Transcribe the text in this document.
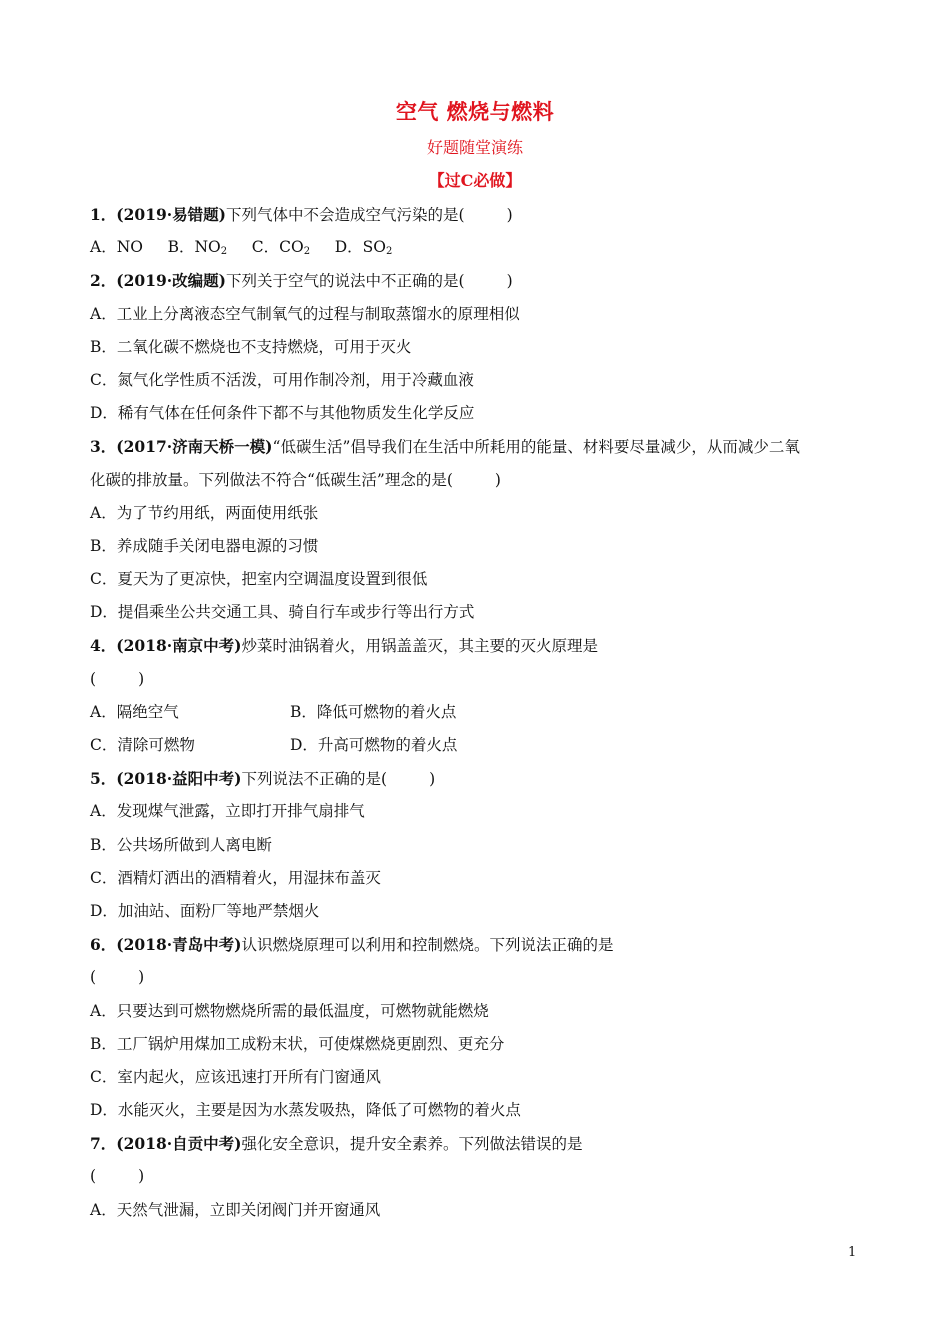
空气 燃烧与燃料
好题随堂演练
【过C必做】
1．(2019·易错题)下列气体中不会造成空气污染的是(	)
A．NO B．$NO_2$ C．$CO_2$ D．$SO_2$
2．(2019·改编题)下列关于空气的说法中不正确的是(	)
A．工业上分离液态空气制氧气的过程与制取蒸馏水的原理相似
B．二氧化碳不燃烧也不支持燃烧，可用于灭火
C．氮气化学性质不活泼，可用作制冷剂，用于冷藏血液
D．稀有气体在任何条件下都不与其他物质发生化学反应
3．(2017·济南天桥一模)“低碳生活”倡导我们在生活中所耗用的能量、材料要尽量减少，从而减少二氧
化碳的排放量。下列做法不符合“低碳生活”理念的是(	)
A．为了节约用纸，两面使用纸张
B．养成随手关闭电器电源的习惯
C．夏天为了更凉快，把室内空调温度设置到很低
D．提倡乘坐公共交通工具、骑自行车或步行等出行方式
4．(2018·南京中考)炒菜时油锅着火，用锅盖盖灭，其主要的灭火原理是
(	)
A．隔绝空气	B．降低可燃物的着火点
C．清除可燃物	D．升高可燃物的着火点
5．(2018·益阳中考)下列说法不正确的是(	)
A．发现煤气泄露，立即打开排气扇排气
B．公共场所做到人离电断
C．酒精灯洒出的酒精着火，用湿抹布盖灭
D．加油站、面粉厂等地严禁烟火
6．(2018·青岛中考)认识燃烧原理可以利用和控制燃烧。下列说法正确的是
(	)
A．只要达到可燃物燃烧所需的最低温度，可燃物就能燃烧
B．工厂锅炉用煤加工成粉末状，可使煤燃烧更剧烈、更充分
C．室内起火，应该迅速打开所有门窗通风
D．水能灭火，主要是因为水蒸发吸热，降低了可燃物的着火点
7．(2018·自贡中考)强化安全意识，提升安全素养。下列做法错误的是
(	)
A．天然气泄漏，立即关闭阀门并开窗通风
1
